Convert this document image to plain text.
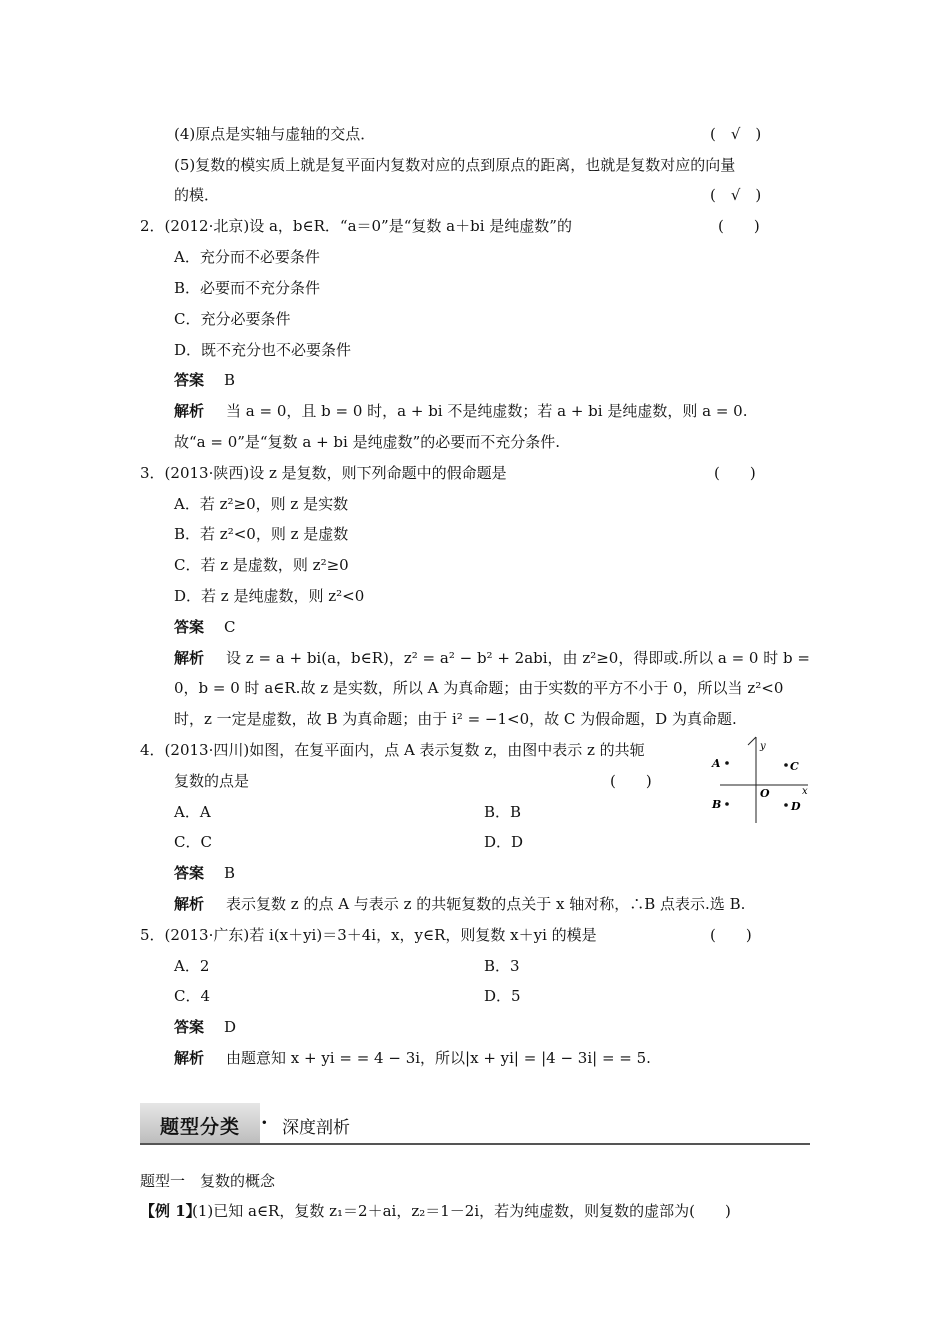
(4)原点是实轴与虚轴的交点．	(　√　)
(5)复数的模实质上就是复平面内复数对应的点到原点的距离，也就是复数对应的向量
的模．	(　√　)
2．(2012·北京)设 a，b∈R．“a＝0”是“复数 a＋bi 是纯虚数”的	(　　)
A．充分而不必要条件
B．必要而不充分条件
C．充分必要条件
D．既不充分也不必要条件
答案 B
解析 当 a = 0，且 b = 0 时，a + bi 不是纯虚数；若 a + bi 是纯虚数，则 a = 0.
故“a = 0”是“复数 a + bi 是纯虚数”的必要而不充分条件.
3．(2013·陕西)设 z 是复数，则下列命题中的假命题是	(　　)
A．若 z²≥0，则 z 是实数
B．若 z²<0，则 z 是虚数
C．若 z 是虚数，则 z²≥0
D．若 z 是纯虚数，则 z²<0
答案 C
解析 设 z = a + bi(a，b∈R)，z² = a² − b² + 2abi，由 z²≥0，得即或.所以 a = 0 时 b =
0，b = 0 时 a∈R.故 z 是实数，所以 A 为真命题；由于实数的平方不小于 0，所以当 z²<0
时，z 一定是虚数，故 B 为真命题；由于 i² = −1<0，故 C 为假命题，D 为真命题.
4．(2013·四川)如图，在复平面内，点 A 表示复数 z，由图中表示 z 的共轭
复数的点是	(　　)
A．A	B．B
C．C	D．D
答案 B
解析 表示复数 z 的点 A 与表示 z 的共轭复数的点关于 x 轴对称，∴B 点表示.选 B.
y
x
O
A	C
B	D
5．(2013·广东)若 i(x＋yi)＝3＋4i，x，y∈R，则复数 x＋yi 的模是	(　　)
A．2	B．3
C．4	D．5
答案 D
解析 由题意知 x + yi = = 4 − 3i，所以|x + yi| = |4 − 3i| = = 5.
题型分类 · 深度剖析
题型一　复数的概念
【例 1】
(1)已知 a∈R，复数 z₁＝2＋ai，z₂＝1－2i，若为纯虚数，则复数的虚部为(　　)
